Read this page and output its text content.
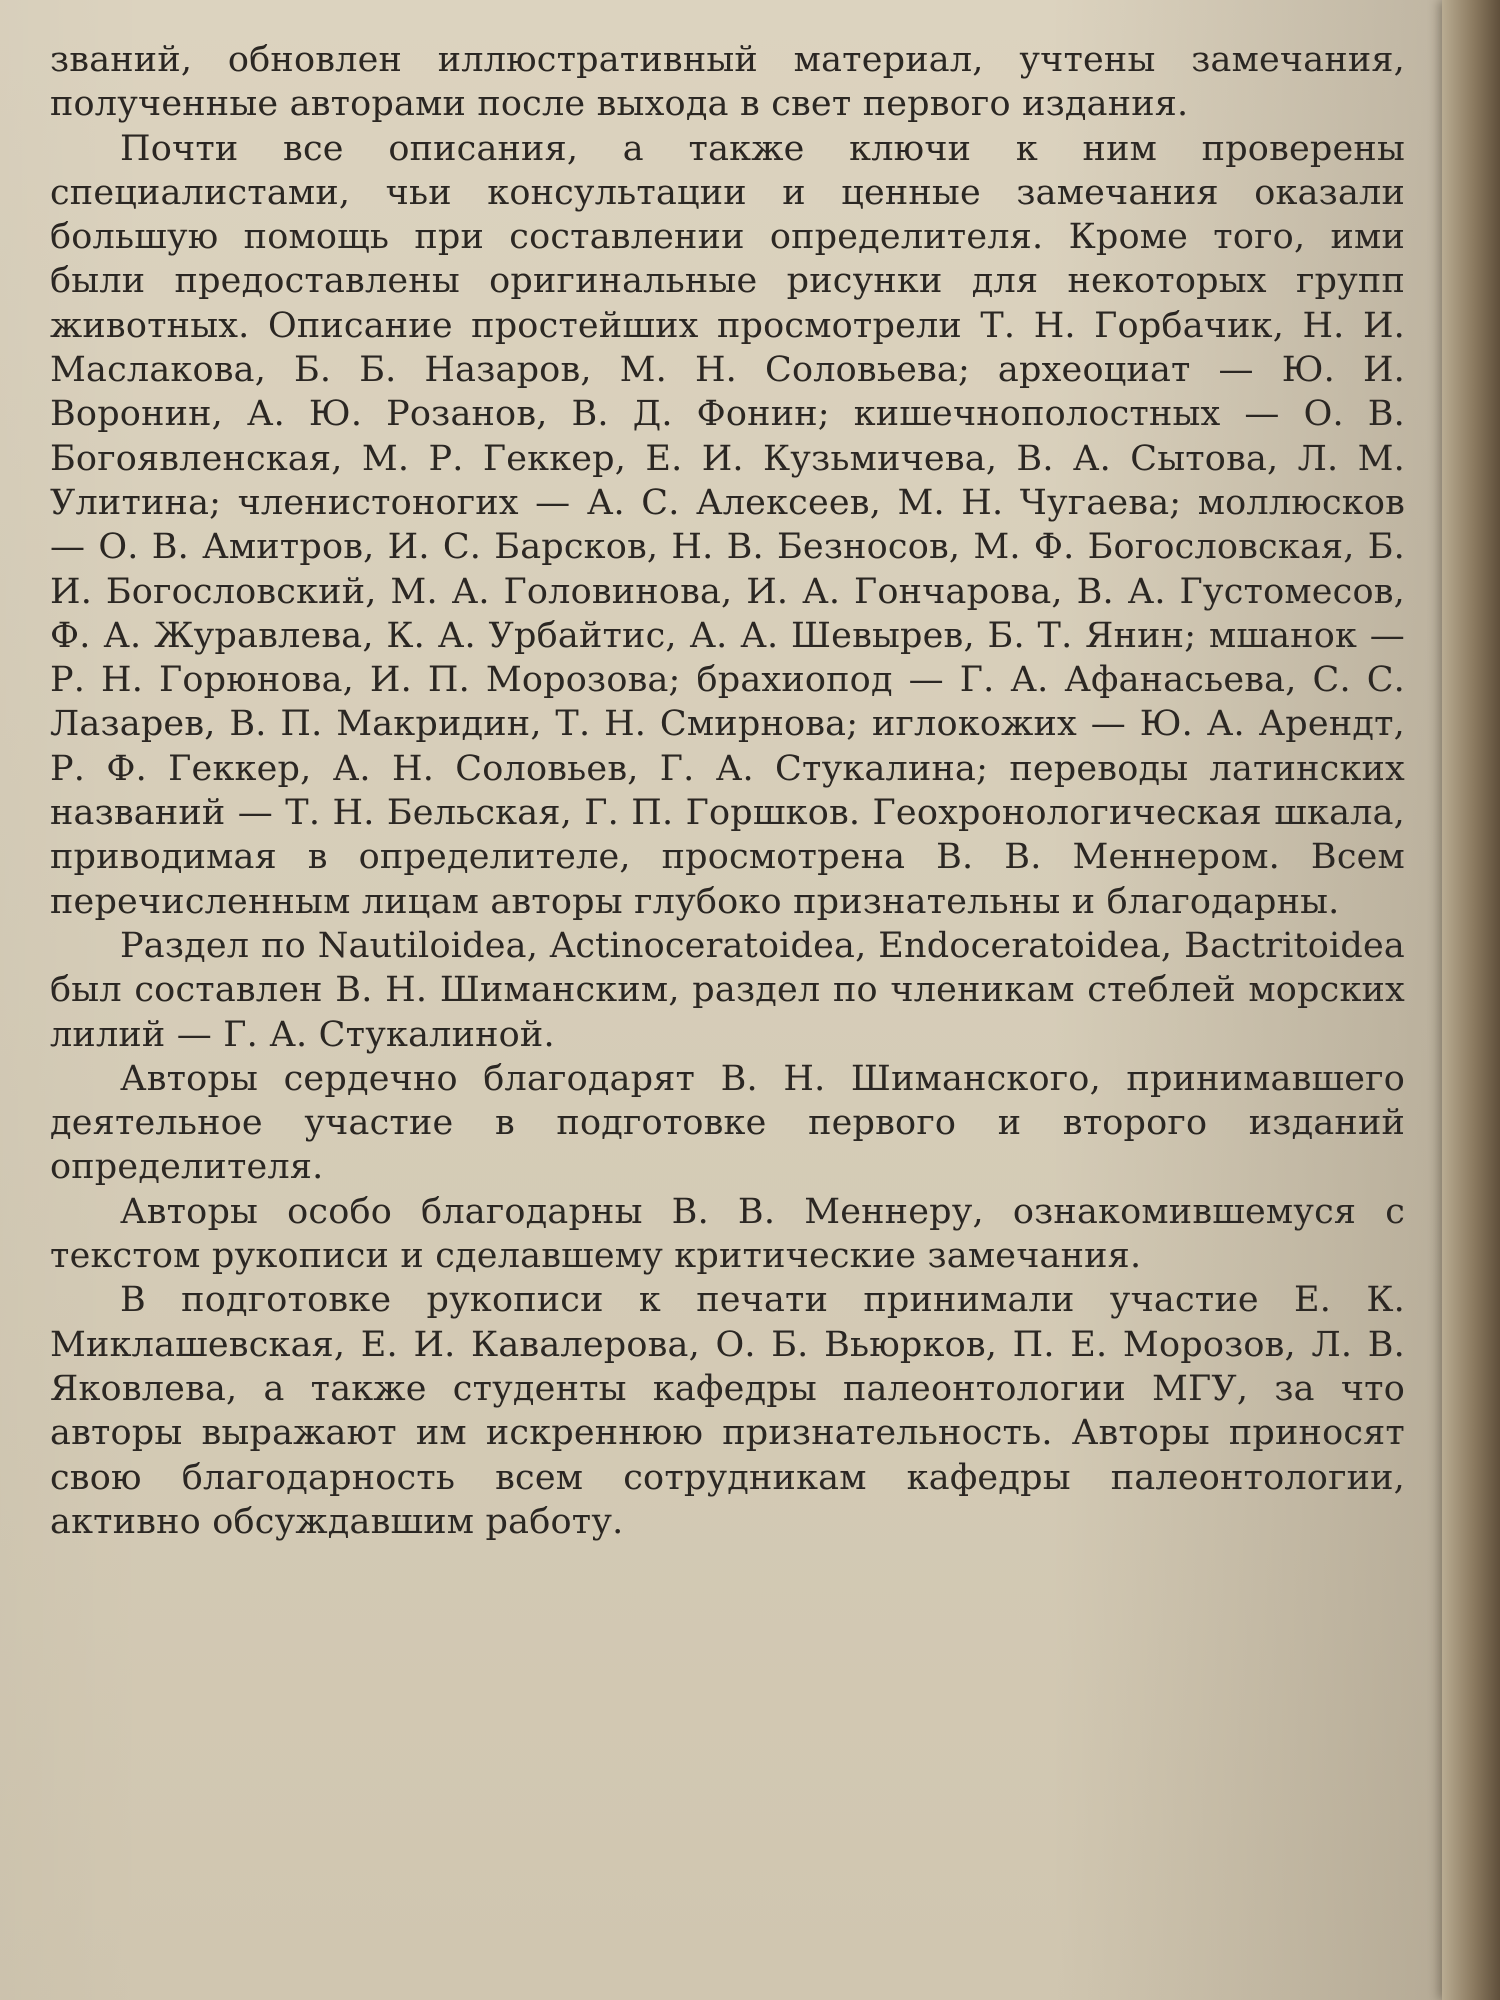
званий, обновлен иллюстративный материал, учтены замечания, полученные авторами после выхода в свет первого издания.

Почти все описания, а также ключи к ним проверены специалистами, чьи консультации и ценные замечания оказали большую помощь при составлении определителя. Кроме того, ими были предоставлены оригинальные рисунки для некоторых групп животных. Описание простейших просмотрели Т. Н. Горбачик, Н. И. Маслакова, Б. Б. Назаров, М. Н. Соловьева; археоциат — Ю. И. Воронин, А. Ю. Розанов, В. Д. Фонин; кишечнополостных — О. В. Богоявленская, М. Р. Геккер, Е. И. Кузьмичева, В. А. Сытова, Л. М. Улитина; членистоногих — А. С. Алексеев, М. Н. Чугаева; моллюсков — О. В. Амитров, И. С. Барсков, Н. В. Безносов, М. Ф. Богословская, Б. И. Богословский, М. А. Головинова, И. А. Гончарова, В. А. Густомесов, Ф. А. Журавлева, К. А. Урбайтис, А. А. Шевырев, Б. Т. Янин; мшанок — Р. Н. Горюнова, И. П. Морозова; брахиопод — Г. А. Афанасьева, С. С. Лазарев, В. П. Макридин, Т. Н. Смирнова; иглокожих — Ю. А. Арендт, Р. Ф. Геккер, А. Н. Соловьев, Г. А. Стукалина; переводы латинских названий — Т. Н. Бельская, Г. П. Горшков. Геохронологическая шкала, приводимая в определителе, просмотрена В. В. Меннером. Всем перечисленным лицам авторы глубоко признательны и благодарны.

Раздел по Nautiloidea, Actinoceratoidea, Endoceratoidea, Bactritoidea был составлен В. Н. Шиманским, раздел по членикам стеблей морских лилий — Г. А. Стукалиной.

Авторы сердечно благодарят В. Н. Шиманского, принимавшего деятельное участие в подготовке первого и второго изданий определителя.

Авторы особо благодарны В. В. Меннеру, ознакомившемуся с текстом рукописи и сделавшему критические замечания.

В подготовке рукописи к печати принимали участие Е. К. Миклашевская, Е. И. Кавалерова, О. Б. Вьюрков, П. Е. Морозов, Л. В. Яковлева, а также студенты кафедры палеонтологии МГУ, за что авторы выражают им искреннюю признательность. Авторы приносят свою благодарность всем сотрудникам кафедры палеонтологии, активно обсуждавшим работу.
